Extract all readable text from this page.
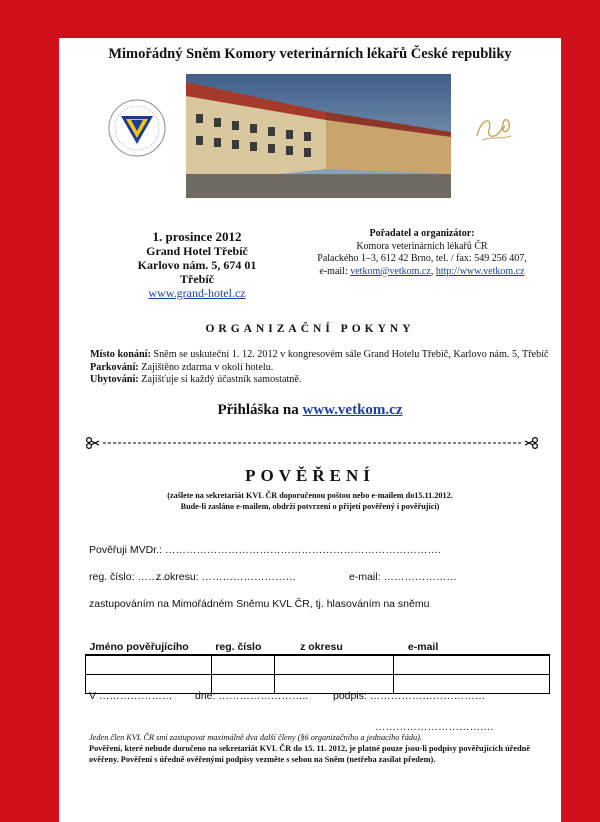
Mimořádný Sněm Komory veterinárních lékařů České republiky
1. prosince 2012
Grand Hotel Třebíč
Karlovo nám. 5, 674 01 Třebíč
www.grand-hotel.cz
Pořadatel a organizátor:
Komora veterinárních lékařů ČR
Palackého 1–3, 612 42 Brno, tel. / fax: 549 256 407,
e-mail: vetkom@vetkom.cz, http://www.vetkom.cz
ORGANIZAČNÍ POKYNY
Místo konání: Sněm se uskuteční 1. 12. 2012 v kongresovém sále Grand Hotelu Třebíč, Karlovo nám. 5, Třebíč
Parkování: Zajištěno zdarma v okolí hotelu.
Ubytování: Zajišťuje si každý účastník samostatně.
Přihláška na www.vetkom.cz
POVĚŘENÍ
(zašlete na sekretariát KVL ČR doporučenou poštou nebo e-mailem do15.11.2012.
Bude-li zasláno e-mailem, obdrží potvrzení o přijetí pověřený i pověřující)
Pověřuji MVDr.: …………………………………………………………………….
reg. číslo: ………
z okresu: ………………………	e-mail: …………………
zastupováním na Mimořádném Sněmu KVL ČR, tj. hlasováním na sněmu
Jméno pověřujícího	reg. číslo	z okresu	e-mail

V ………………… dne: …………………….. podpis: ……………………………
…………………………….
Jeden člen KVL ČR smí zastupovat maximálně dva další členy (§6 organizačního a jednacího řádu).
Pověření, které nebude doručeno na sekretariát KVL ČR do 15. 11. 2012, je platné pouze jsou-li podpisy pověřujících úředně ověřeny. Pověření s úředně ověřenými podpisy vezměte s sebou na Sněm (netřeba zasílat předem).
